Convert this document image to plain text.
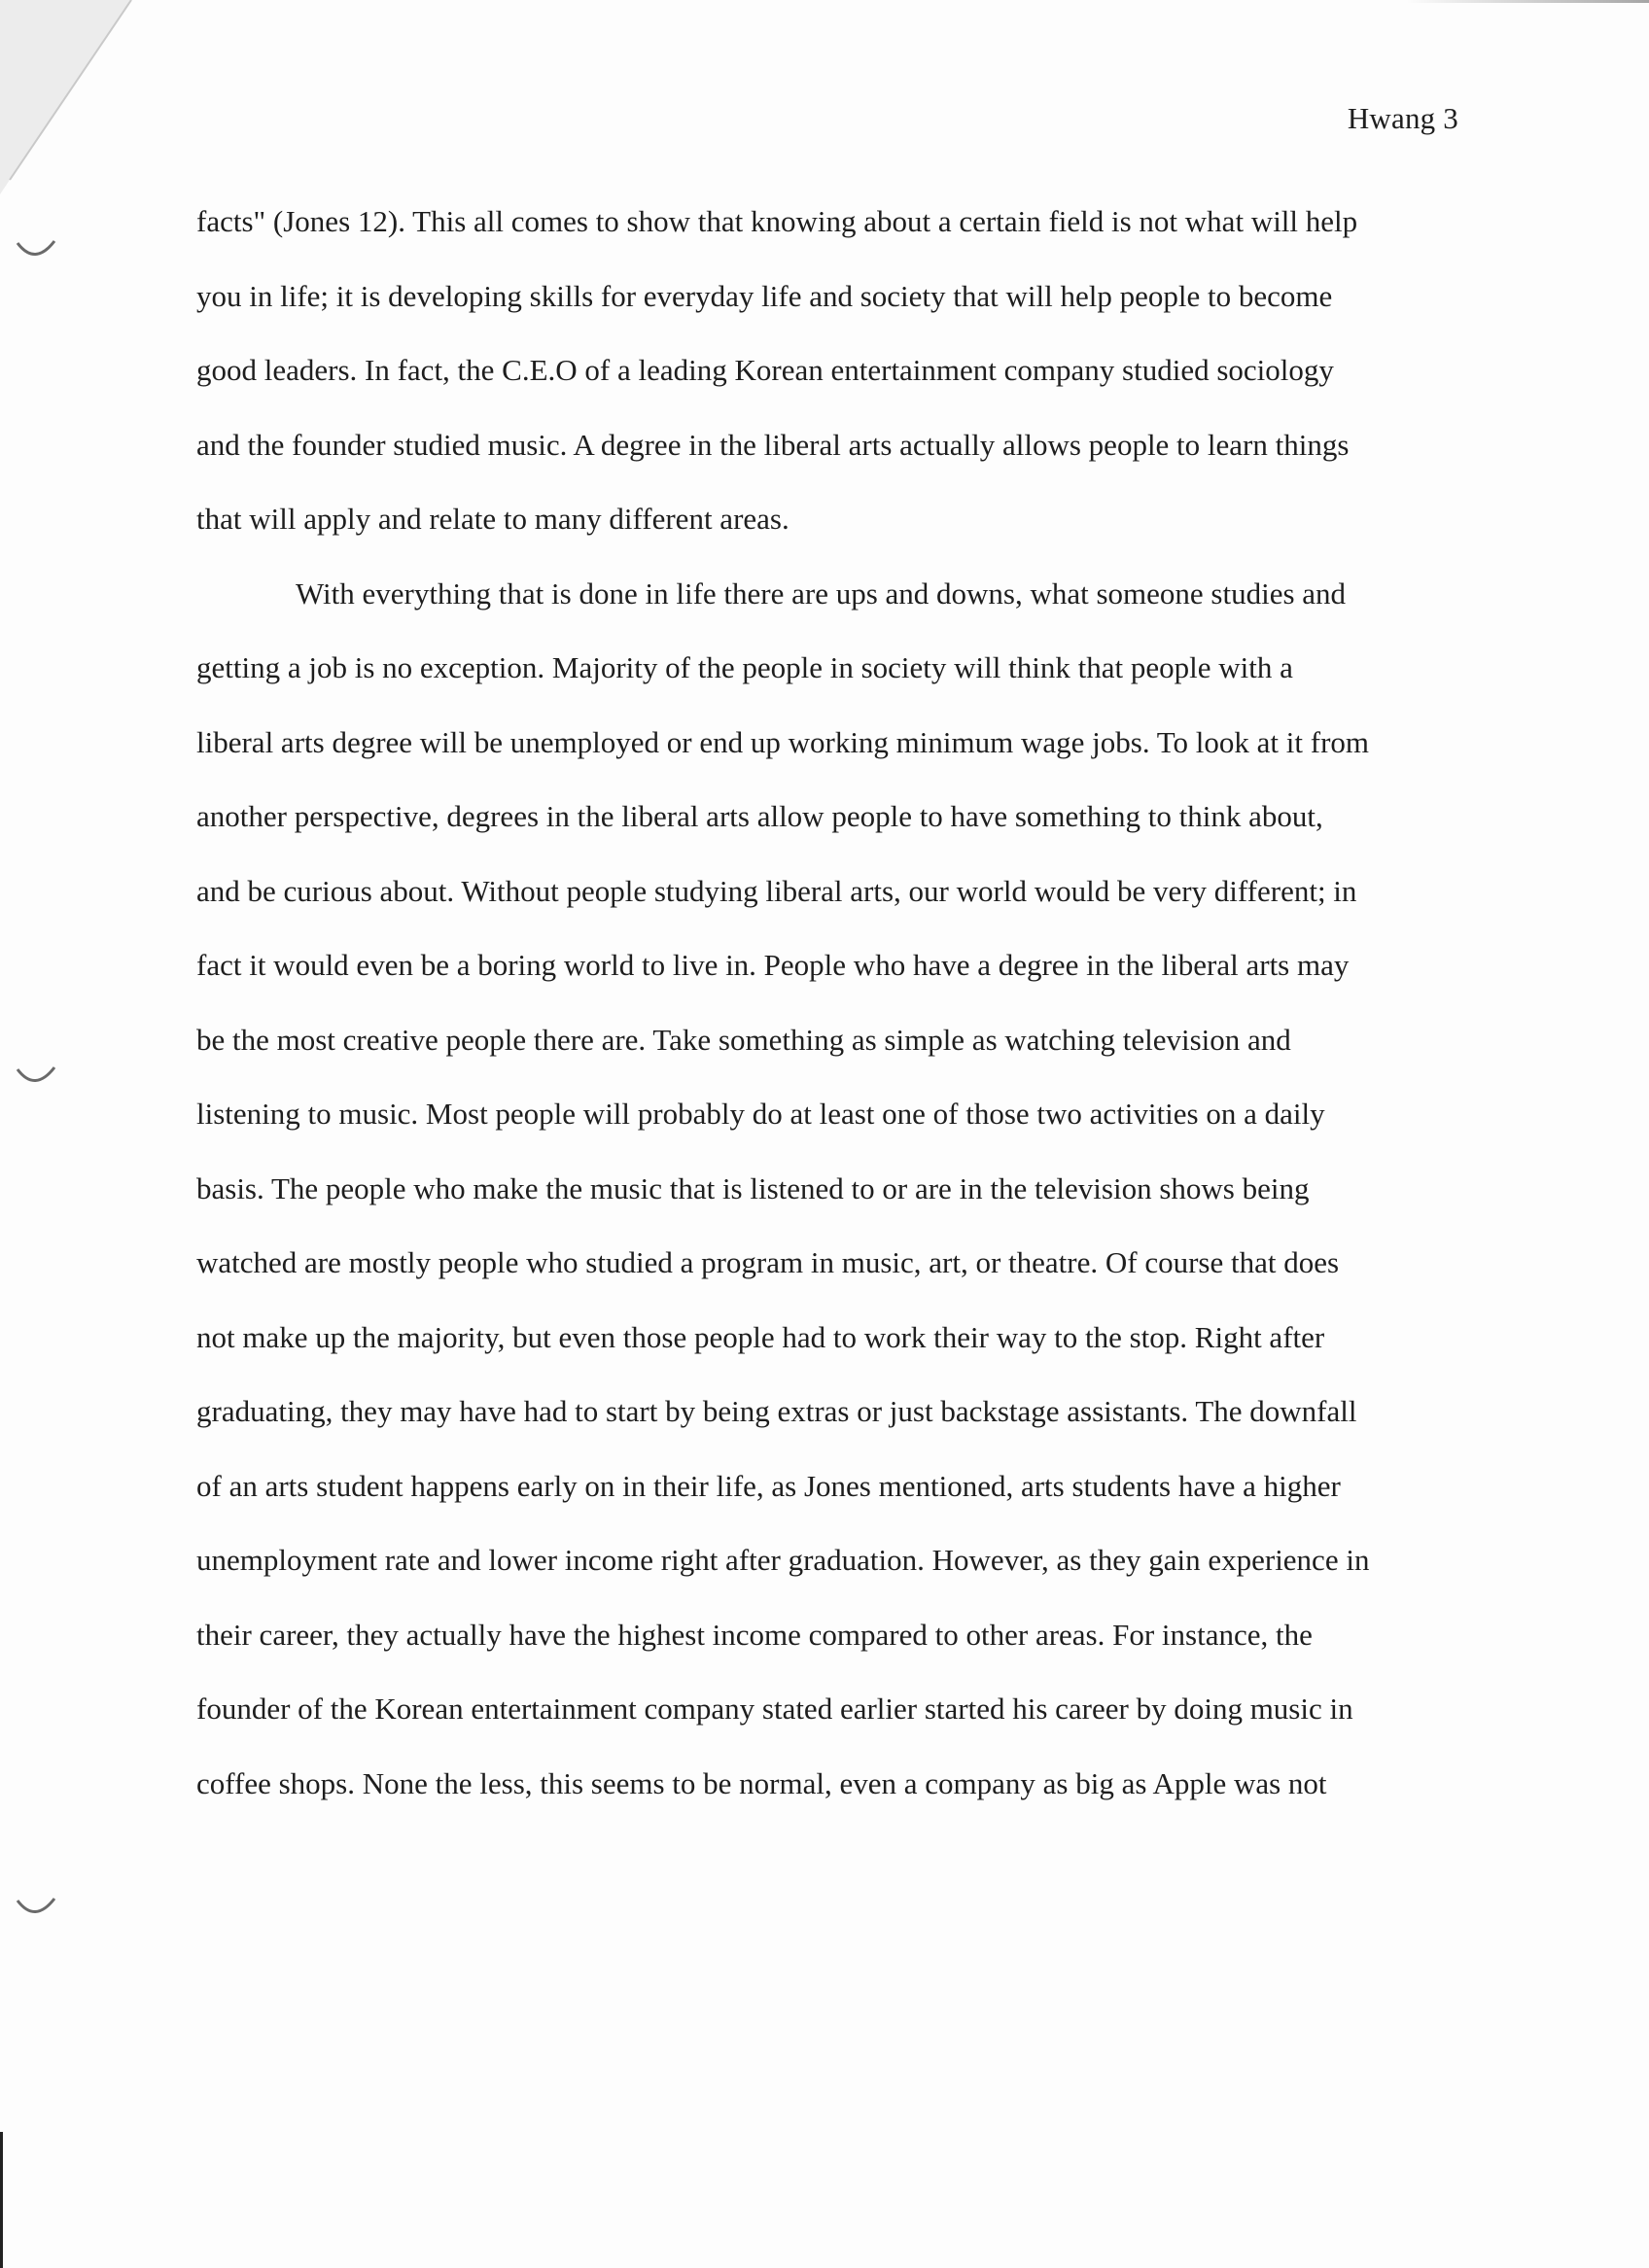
Hwang 3
facts" (Jones 12). This all comes to show that knowing about a certain field is not what will help
you in life; it is developing skills for everyday life and society that will help people to become
good leaders. In fact, the C.E.O of a leading Korean entertainment company studied sociology
and the founder studied music. A degree in the liberal arts actually allows people to learn things
that will apply and relate to many different areas.
With everything that is done in life there are ups and downs, what someone studies and
getting a job is no exception. Majority of the people in society will think that people with a
liberal arts degree will be unemployed or end up working minimum wage jobs. To look at it from
another perspective, degrees in the liberal arts allow people to have something to think about,
and be curious about. Without people studying liberal arts, our world would be very different; in
fact it would even be a boring world to live in. People who have a degree in the liberal arts may
be the most creative people there are. Take something as simple as watching television and
listening to music. Most people will probably do at least one of those two activities on a daily
basis. The people who make the music that is listened to or are in the television shows being
watched are mostly people who studied a program in music, art, or theatre. Of course that does
not make up the majority, but even those people had to work their way to the stop. Right after
graduating, they may have had to start by being extras or just backstage assistants. The downfall
of an arts student happens early on in their life, as Jones mentioned, arts students have a higher
unemployment rate and lower income right after graduation. However, as they gain experience in
their career, they actually have the highest income compared to other areas. For instance, the
founder of the Korean entertainment company stated earlier started his career by doing music in
coffee shops. None the less, this seems to be normal, even a company as big as Apple was not
